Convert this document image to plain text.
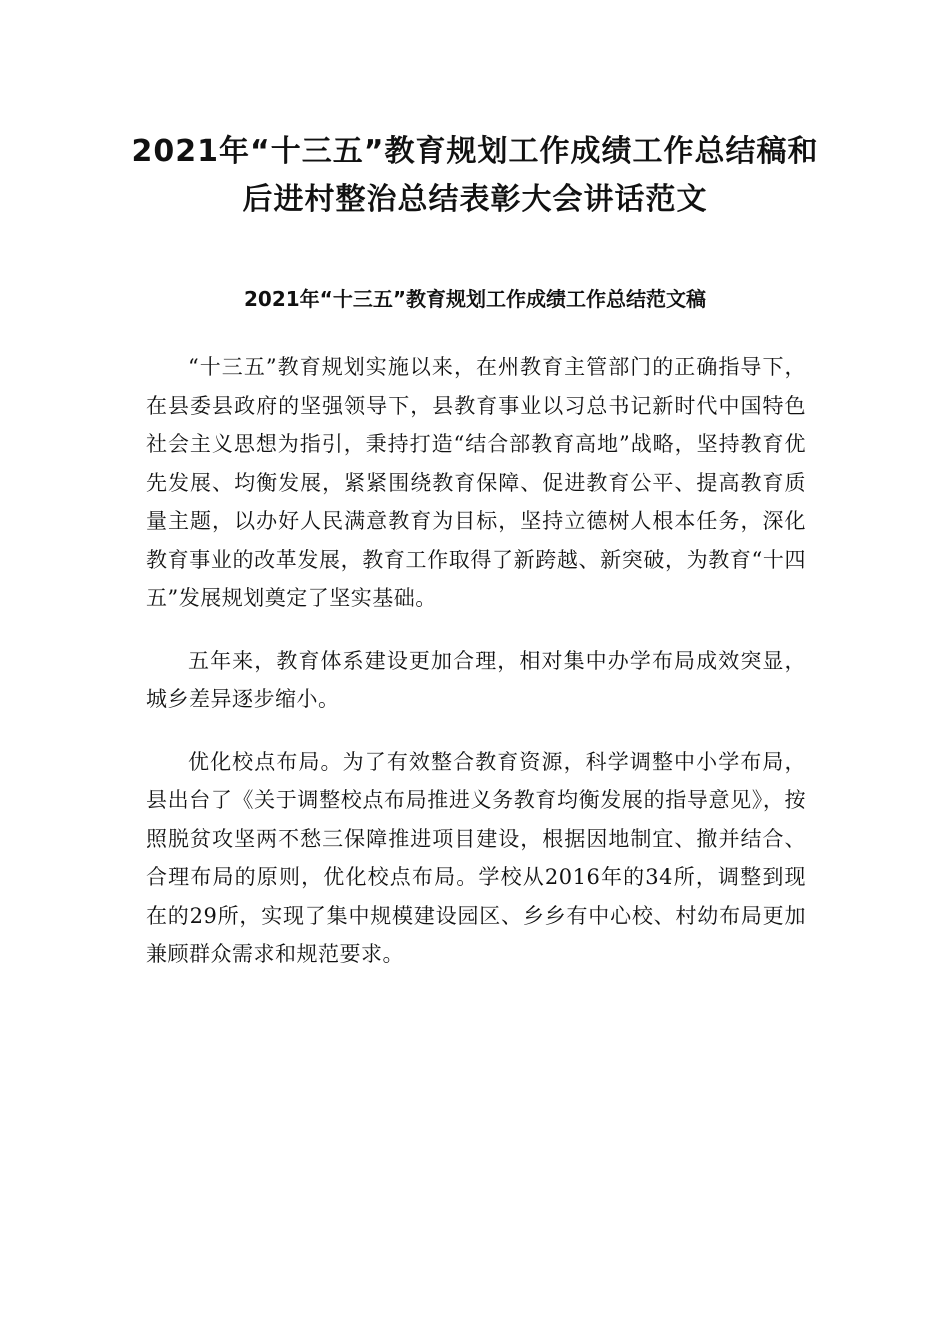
2021年“十三五”教育规划工作成绩工作总结稿和
后进村整治总结表彰大会讲话范文
2021年“十三五”教育规划工作成绩工作总结范文稿

“十三五”教育规划实施以来，在州教育主管部门的正确指导下，在县委县政府的坚强领导下，县教育事业以习总书记新时代中国特色社会主义思想为指引，秉持打造“结合部教育高地”战略，坚持教育优先发展、均衡发展，紧紧围绕教育保障、促进教育公平、提高教育质量主题，以办好人民满意教育为目标，坚持立德树人根本任务，深化教育事业的改革发展，教育工作取得了新跨越、新突破，为教育“十四五”发展规划奠定了坚实基础。

五年来，教育体系建设更加合理，相对集中办学布局成效突显，城乡差异逐步缩小。

优化校点布局。为了有效整合教育资源，科学调整中小学布局，县出台了《关于调整校点布局推进义务教育均衡发展的指导意见》，按照脱贫攻坚两不愁三保障推进项目建设，根据因地制宜、撤并结合、合理布局的原则，优化校点布局。学校从2016年的34所，调整到现在的29所，实现了集中规模建设园区、乡乡有中心校、村幼布局更加兼顾群众需求和规范要求。
